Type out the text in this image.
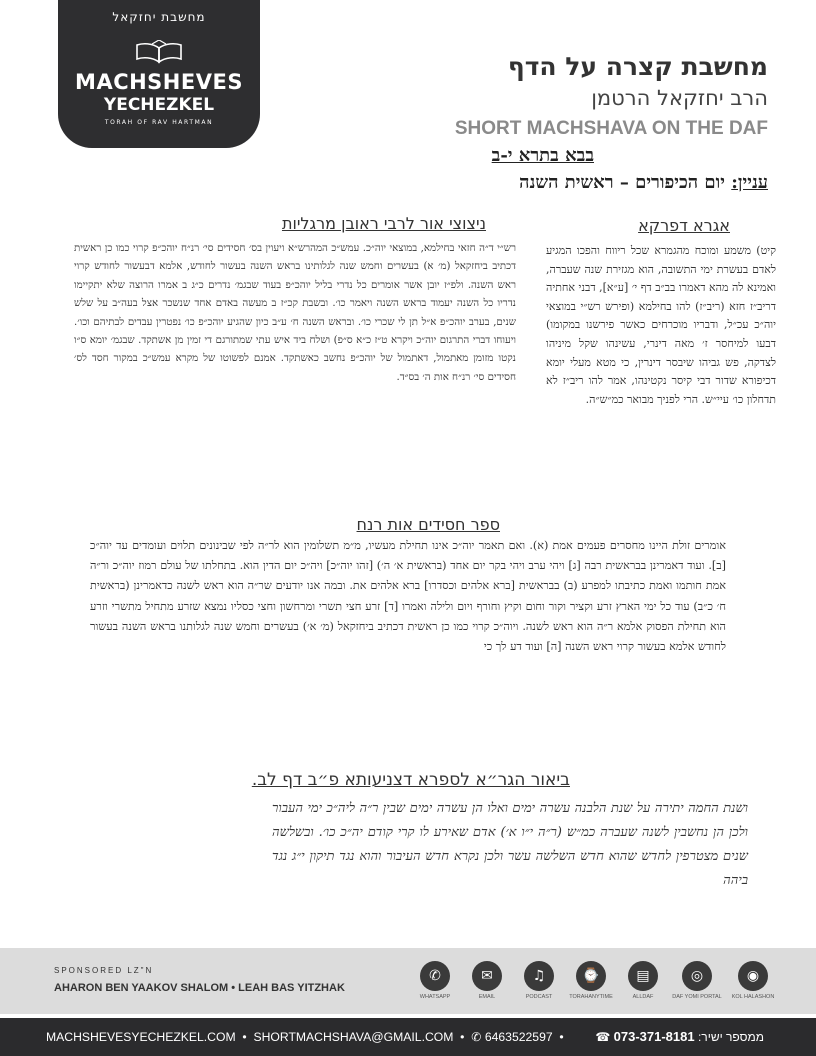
מחשבת יחזקאל
MACHSHEVES
YECHEZKEL
TORAH OF RAV HARTMAN
מחשבת קצרה על הדף
הרב יחזקאל הרטמן
SHORT MACHSHAVA ON THE DAF
בבא בתרא י-ב
עניין: יום הכיפורים – ראשית השנה
אגרא דפרקא

קיט) משמע ומוכח מהגמרא שכל ריווח והפכו המגיע לאדם בעשרת ימי התשובה, הוא מגזירת שנה שעברה, ואמינא לה מהא דאמרו בב״ב דף י׳ [ע״א], דבני אחתיה דריב״ז חזא (ריב״ז) להו בחילמא (ופירש רש״י במוצאי יוה״כ עכ״ל, ודבריו מוכרחים כאשר פירשנו במקומו) דבעו למיחסר ז׳ מאה דינרי, עשינהו שקל מיניהו לצדקה, פש גביהו שיבסר דינרין, כי מטא מעלי יומא דכיפורא שדור דבי קיסר נקטינהו, אמר להו ריב״ז לא תדחלון כו׳ עיי״ש. הרי לפניך מבואר כמ״ש״ה.

ניצוצי אור לרבי ראובן מרגליות

רש״י ד״ה חזאי בחילמא, במוצאי יוה״כ. עמש״כ המהרש״א ויעוין בס׳ חסידים סי׳ רנ״ח יוהכ״פ קרוי כמו כן ראשית דכתיב ביחזקאל (מ׳ א) בעשרים וחמש שנה לגלותינו בראש השנה בעשור לחודש, אלמא דבעשור לחודש קרוי ראש השנה. ולפ״ז יובן אשר אומרים כל נדרי בליל יוהכ״פ בעוד שבגמ׳ נדרים כ״ג ב אמרו הרוצה שלא יתקיימו נדריו כל השנה יעמוד בראש השנה ויאמר כו׳. ובשבת קכ״ז ב מעשה באדם אחד שנשכר אצל בעה״ב על שלש שנים, בערב יוהכ״פ א״ל תן לי שכרי כו׳. ובראש השנה ח׳ ע״ב כיון שהגיע יוהכ״פ כו׳ נפטרין עבדים לבתיהם וכו׳. ויעוחו דברי התרגום יוה״כ ויקרא ט״ז כ״א ס״פ) ושלח ביד איש עתי שמתורגם די זמין מן אשתקד. שבגמ׳ יומא ס״ו נקטו מזומן מאתמול, דאתמול של יוהכ״פ נחשב כאשתקד. אמנם לפשוטו של מקרא עמש״כ במקור חסד לס׳ חסידים סי׳ רנ״ח אות ה׳ בס״ד.

ספר חסידים אות רנח

אומרים זולת היינו מחסרים פעמים אמת (א). ואם תאמר יוה״כ אינו תחילת מעשיו, מ״מ תשלומין הוא לר״ה לפי שבינונים תלוים ועומדים עד יוה״כ [ב]. ועוד דאמרינן בבראשית רבה [ג] ויהי ערב ויהי בקר יום אחד (בראשית א׳ ה׳) [זהו יוה״כ] ויה״כ יום הדין הוא. בתחלתו של עולם רמוז יוה״כ ור״ה אמת חותמו ואמת כתיבתו למפרע (ב) בבראשית [ברא אלהים וכסדרו] ברא אלהים את. ובמה אנו יודעים שר״ה הוא ראש לשנה כדאמרינן (בראשית ח׳ כ״ב) עוד כל ימי הארץ זרע וקציר וקור וחום וקיץ וחורף ויום ולילה ואמרו [ד] זרע חצי תשרי ומרחשון וחצי כסליו נמצא שזרע מתחיל מתשרי וזרע הוא תחילת הפסוק אלמא ר״ה הוא ראש לשנה. ויוה״כ קרוי כמו כן ראשית דכתיב ביחזקאל (מ׳ א׳) בעשרים וחמש שנה לגלותנו בראש השנה בעשור לחודש אלמא בעשור קרוי ראש השנה [ה] ועוד דע לך כי

ביאור הגר״א לספרא דצניעותא פ״ב דף לב.

ושנת החמה יתירה על שנת הלבנה עשרה ימים ואלו הן עשרה ימים שבין ר״ה ליה״כ ימי העבור ולכן הן נחשבין לשנה שעברה כמ״ש (ר״ה י״ו א׳) אדם שאירע לו קרי קודם יה״כ כו׳. ובשלשה שנים מצטרפין לחדש שהוא חדש השלשה עשר ולכן נקרא חדש העיבור והוא נגד תיקון י״ג נגד ביהה

SPONSORED LZ"N
AHARON BEN YAAKOV SHALOM • LEAH BAS YITZHAK
✆
WHATSAPP
✉
EMAIL
♫
PODCAST
⌚
TORAHANYTIME
▤
ALLDAF
◎
DAF YOMI PORTAL
◉
KOL HALASHON
MACHSHEVESYECHEZKEL.COM  •  SHORTMACHSHAVA@GMAIL.COM  •  ✆ 6463522597  •	ממספר ישיר: 073-371-8181 ☎
